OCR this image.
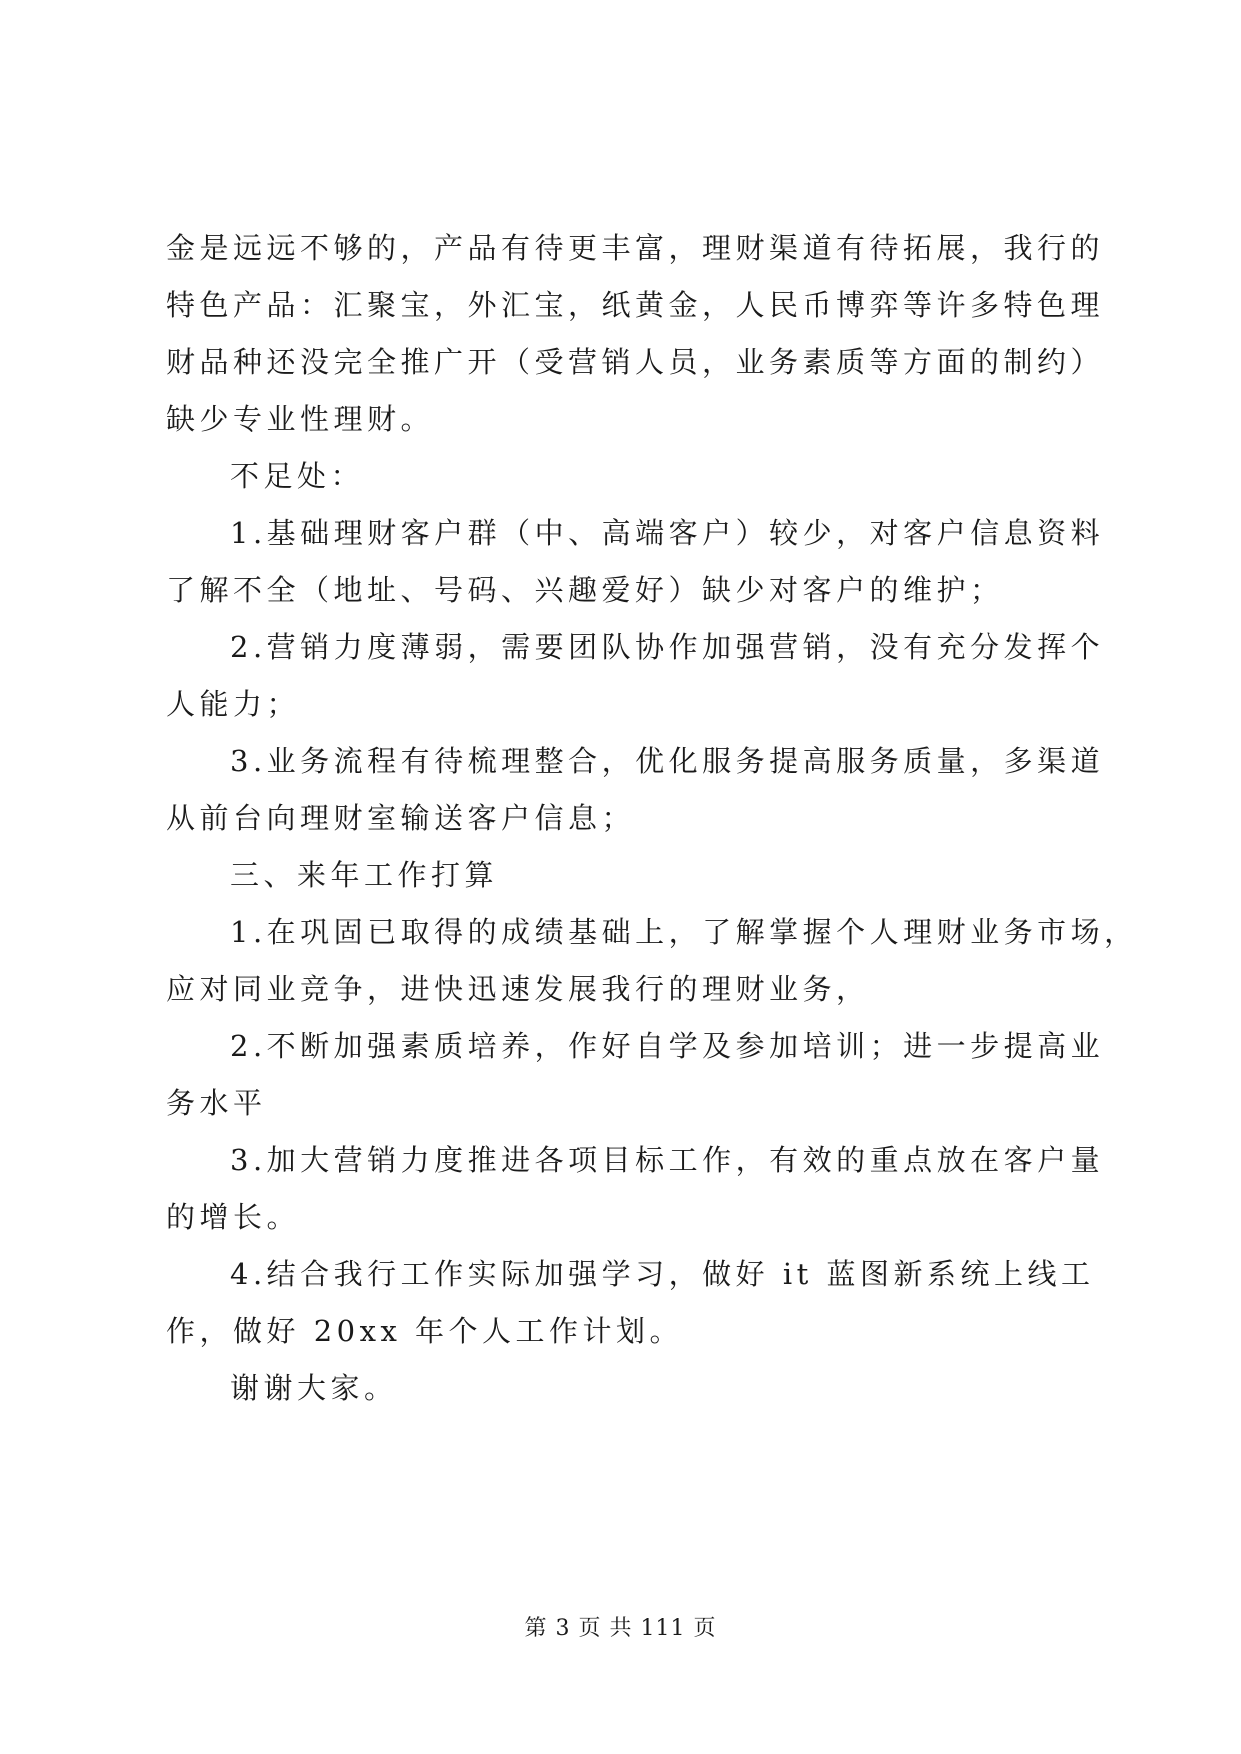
金是远远不够的，产品有待更丰富，理财渠道有待拓展，我行的
特色产品：汇聚宝，外汇宝，纸黄金，人民币博弈等许多特色理
财品种还没完全推广开（受营销人员，业务素质等方面的制约）
缺少专业性理财。
不足处：
1.基础理财客户群（中、高端客户）较少，对客户信息资料
了解不全（地址、号码、兴趣爱好）缺少对客户的维护；
2.营销力度薄弱，需要团队协作加强营销，没有充分发挥个
人能力；
3.业务流程有待梳理整合，优化服务提高服务质量，多渠道
从前台向理财室输送客户信息；
三、来年工作打算
1.在巩固已取得的成绩基础上，了解掌握个人理财业务市场，
应对同业竞争，进快迅速发展我行的理财业务，
2.不断加强素质培养，作好自学及参加培训；进一步提高业
务水平
3.加大营销力度推进各项目标工作，有效的重点放在客户量
的增长。
4.结合我行工作实际加强学习，做好 it 蓝图新系统上线工
作，做好 20xx 年个人工作计划。
谢谢大家。
第 3 页 共 111 页
